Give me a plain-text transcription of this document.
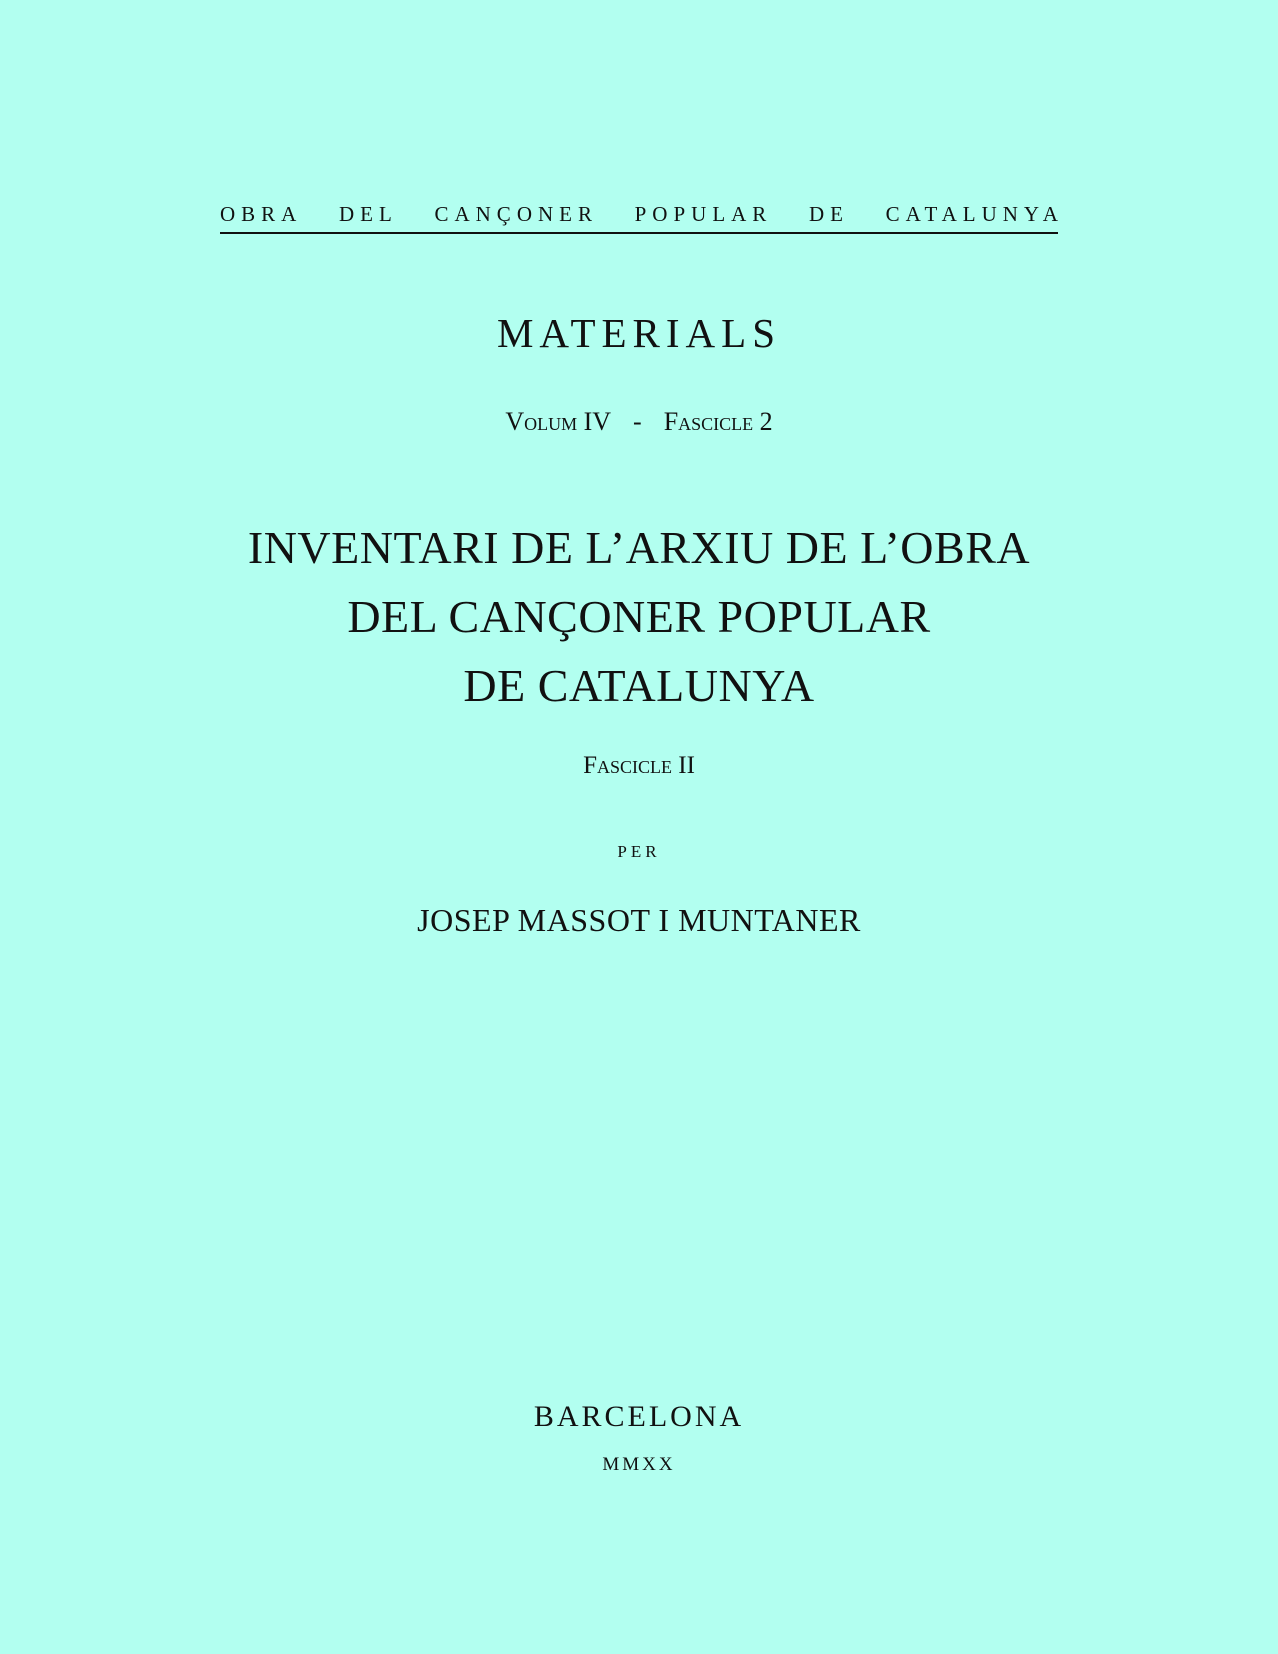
OBRA DEL CANÇONER POPULAR DE CATALUNYA
MATERIALS
Volum IV - Fascicle 2
INVENTARI DE L’ARXIU DE L’OBRA
DEL CANÇONER POPULAR
DE CATALUNYA
Fascicle II
PER
JOSEP MASSOT I MUNTANER
BARCELONA
MMXX
